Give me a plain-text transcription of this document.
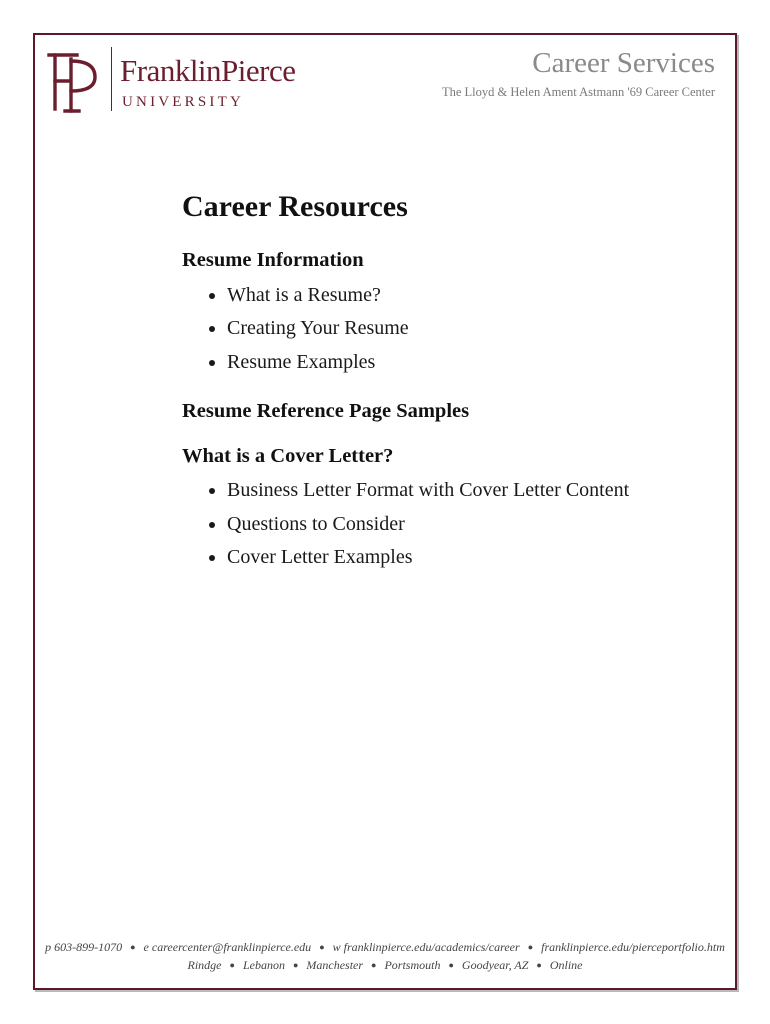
FranklinPierce
UNIVERSITY
Career Services
The Lloyd & Helen Ament Astmann '69 Career Center
Career Resources
Resume Information
• What is a Resume?
• Creating Your Resume
• Resume Examples
Resume Reference Page Samples
What is a Cover Letter?
• Business Letter Format with Cover Letter Content
• Questions to Consider
• Cover Letter Examples
p 603-899-1070 ● e careercenter@franklinpierce.edu ● w franklinpierce.edu/academics/career ● franklinpierce.edu/pierceportfolio.htm
Rindge ● Lebanon ● Manchester ● Portsmouth ● Goodyear, AZ ● Online
